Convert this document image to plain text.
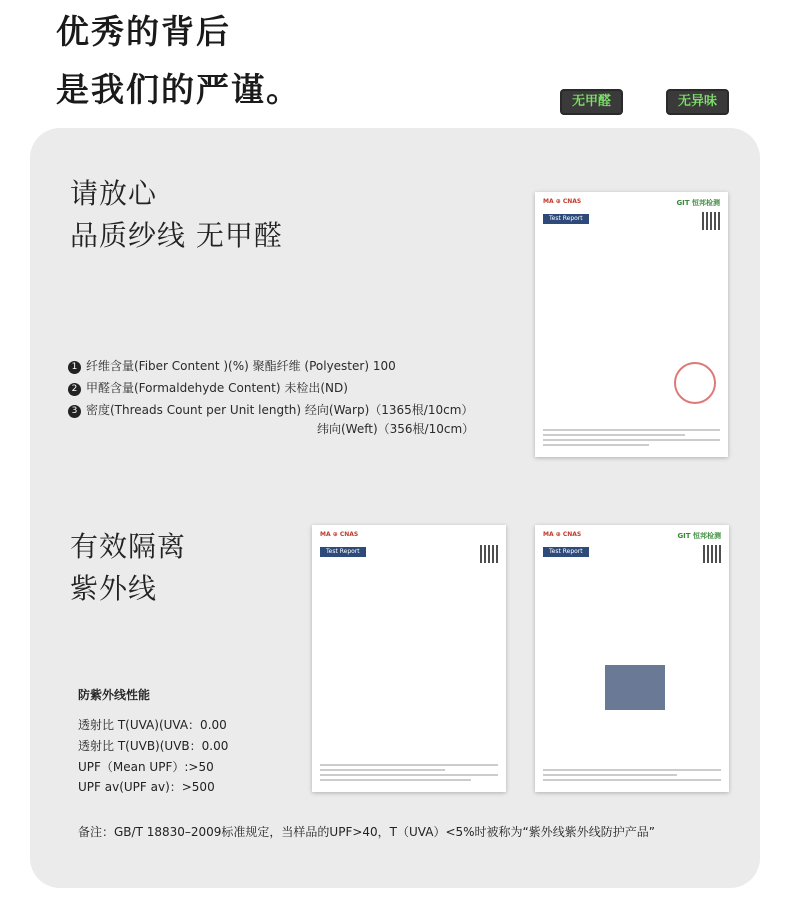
优秀的背后
是我们的严谨。	无甲醛	无异味
请放心
品质纱线 无甲醛
1 纤维含量(Fiber Content )(%) 聚酯纤维 (Polyester) 100
2 甲醛含量(Formaldehyde Content) 未检出(ND)
3 密度(Threads Count per Unit length) 经向(Warp)（1365根/10cm）
纬向(Weft)（356根/10cm）
有效隔离
紫外线
防紫外线性能
透射比 T(UVA)(UVA：0.00
透射比 T(UVB)(UVB：0.00
UPF（Mean UPF）:>50
UPF av(UPF av)：>500
MA ⊕ CNAS	GIT 恒邦检测
Test Report
MA ⊕ CNAS
Test Report
MA ⊕ CNAS	GIT 恒邦检测
Test Report
备注：GB/T 18830–2009标准规定，当样品的UPF>40，T（UVA）<5%时被称为“紫外线紫外线防护产品”
